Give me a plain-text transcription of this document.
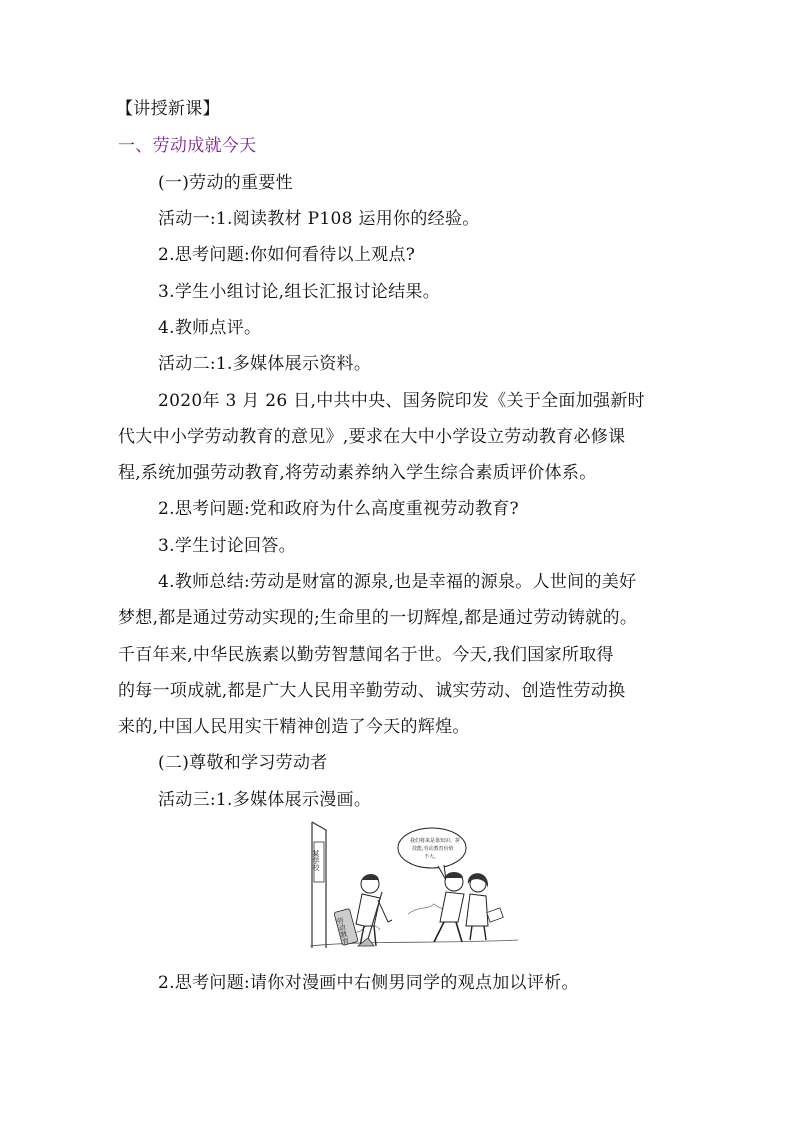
【讲授新课】
一、劳动成就今天
(一)劳动的重要性
活动一:1.阅读教材 P108 运用你的经验。
2.思考问题:你如何看待以上观点?
3.学生小组讨论,组长汇报讨论结果。
4.教师点评。
活动二:1.多媒体展示资料。
2020年 3 月 26 日,中共中央、国务院印发《关于全面加强新时
代大中小学劳动教育的意见》,要求在大中小学设立劳动教育必修课
程,系统加强劳动教育,将劳动素养纳入学生综合素质评价体系。
2.思考问题:党和政府为什么高度重视劳动教育?
3.学生讨论回答。
4.教师总结:劳动是财富的源泉,也是幸福的源泉。人世间的美好
梦想,都是通过劳动实现的;生命里的一切辉煌,都是通过劳动铸就的。
千百年来,中华民族素以勤劳智慧闻名于世。今天,我们国家所取得
的每一项成就,都是广大人民用辛勤劳动、诚实劳动、创造性劳动换
来的,中国人民用实干精神创造了今天的辉煌。
(二)尊敬和学习劳动者
活动三:1.多媒体展示漫画。
某学校
劳动教育
我们将来是靠知识、拼
技能,劳动教育价值
不大。
2.思考问题:请你对漫画中右侧男同学的观点加以评析。
